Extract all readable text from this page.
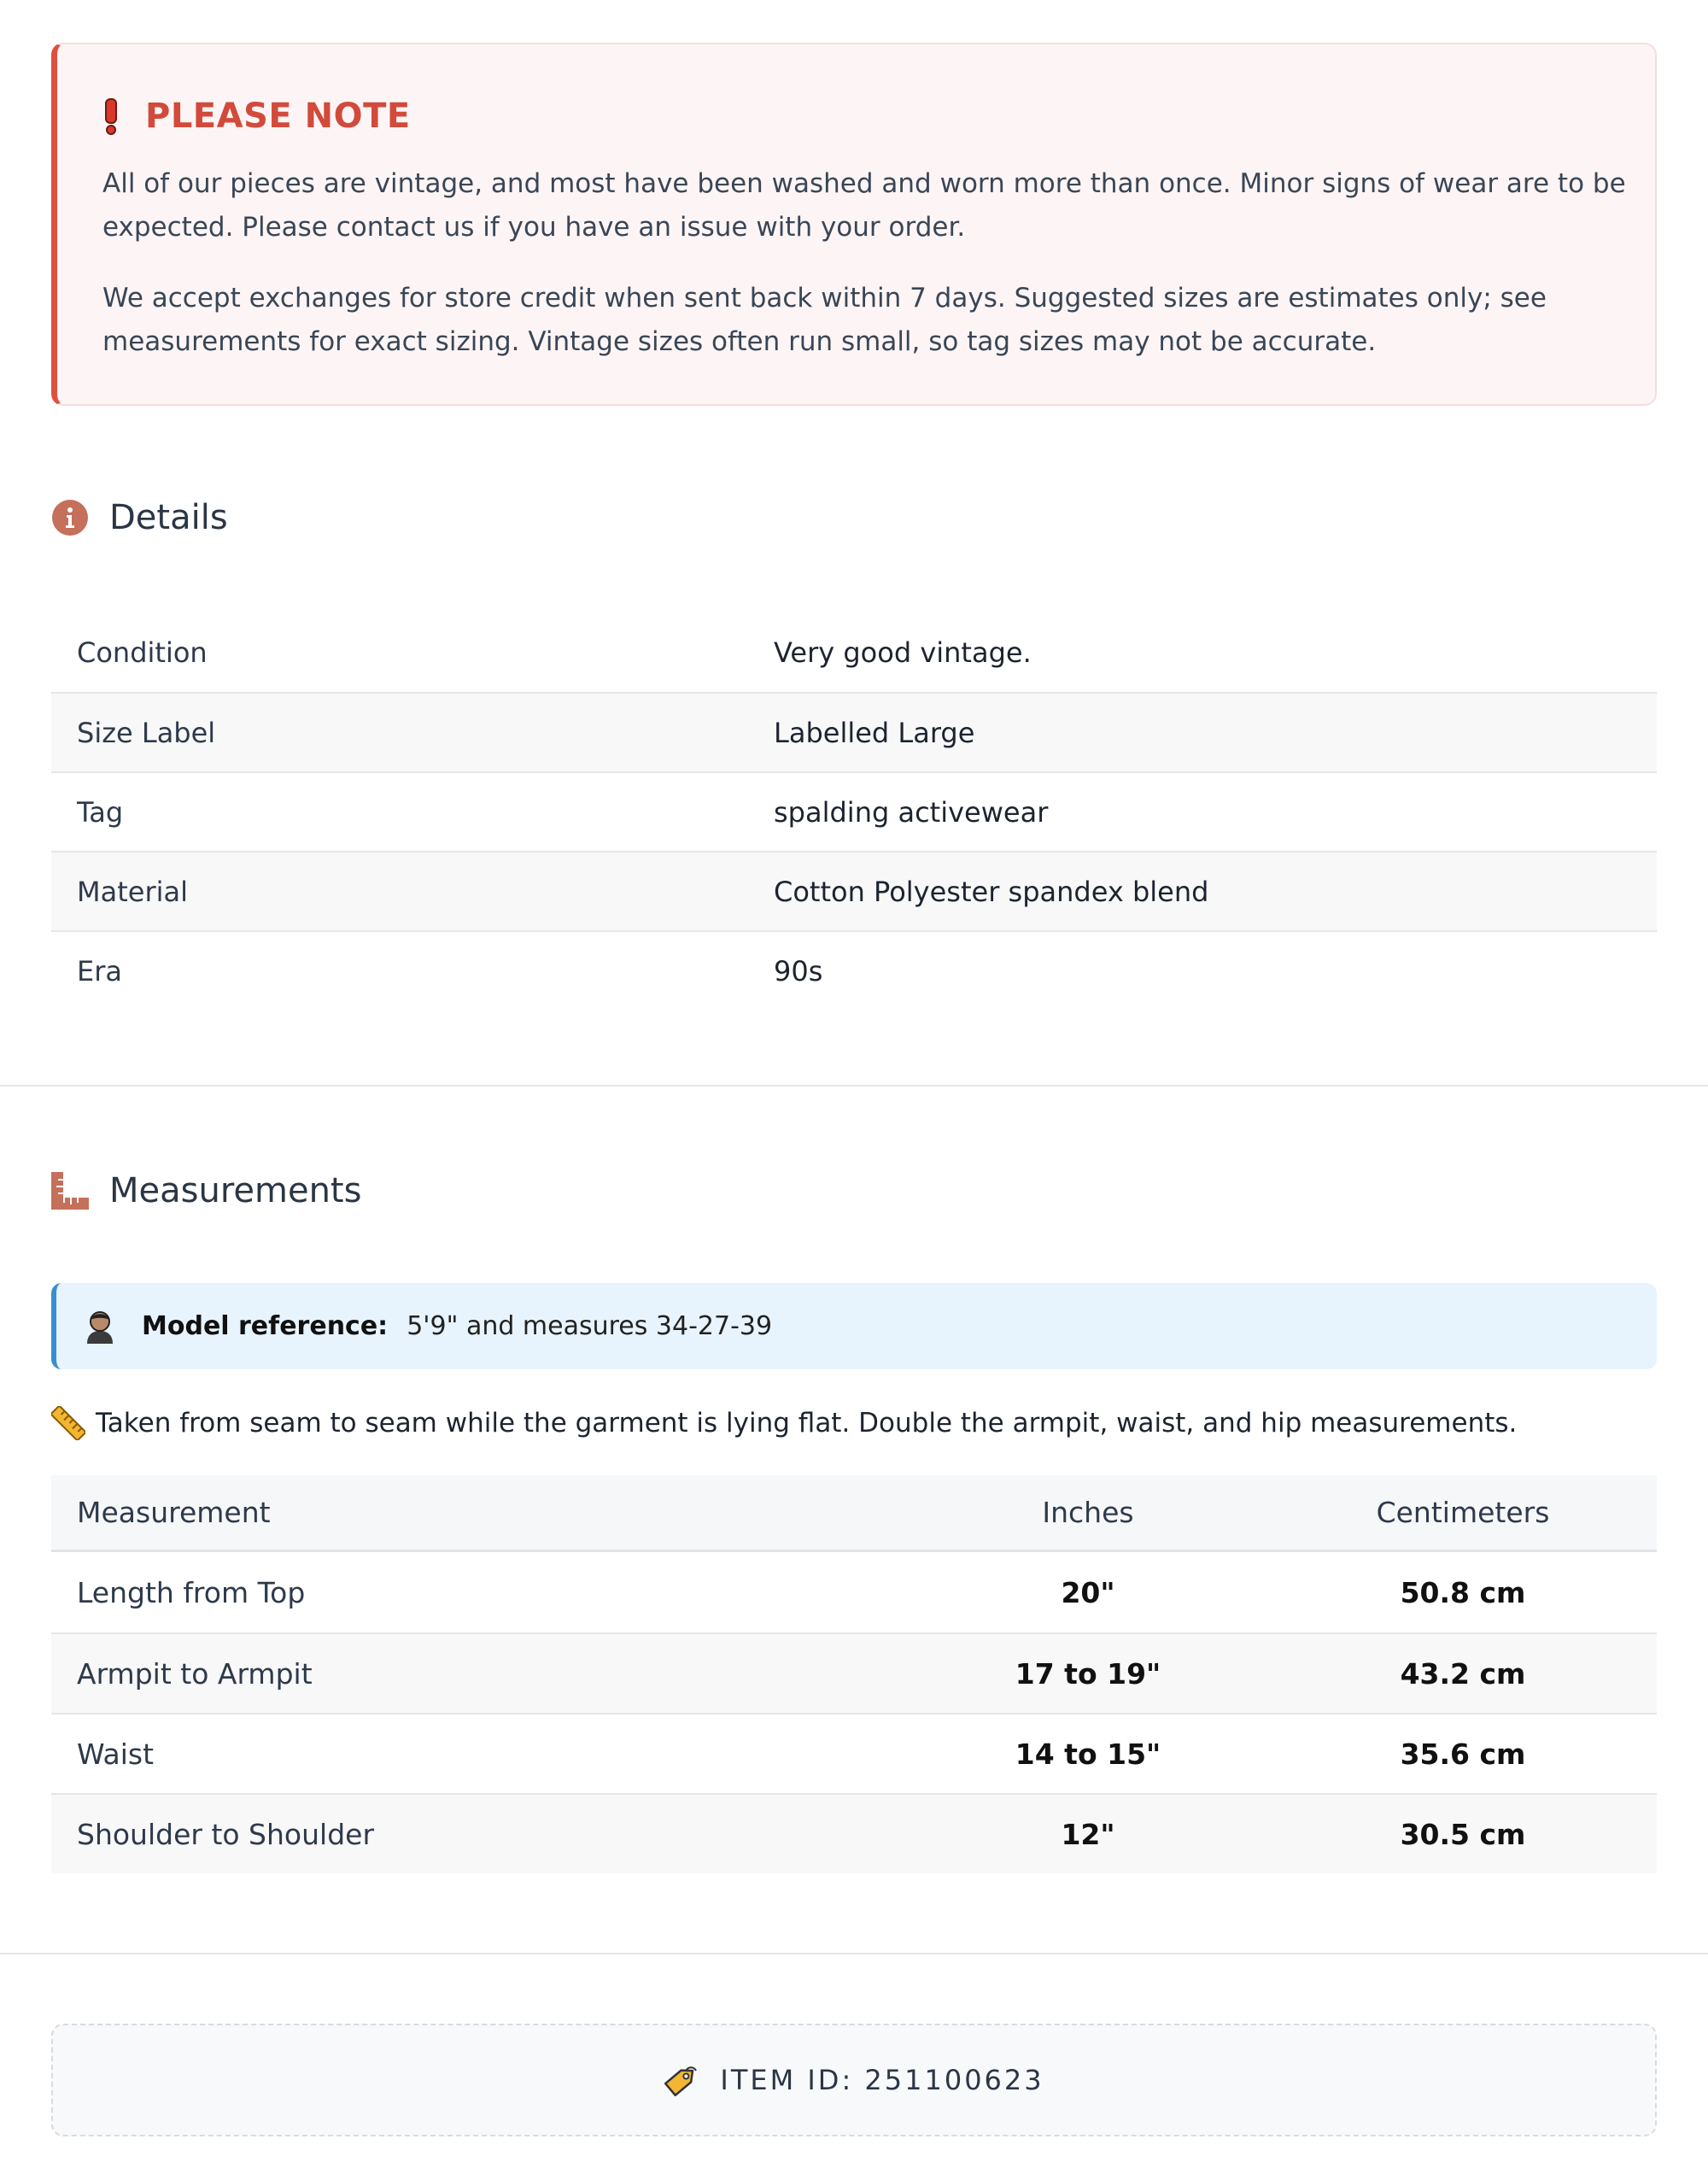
PLEASE NOTE

All of our pieces are vintage, and most have been washed and worn more than once. Minor signs of wear are to be expected. Please contact us if you have an issue with your order.

We accept exchanges for store credit when sent back within 7 days. Suggested sizes are estimates only; see measurements for exact sizing. Vintage sizes often run small, so tag sizes may not be accurate.

Details
Condition	Very good vintage.
Size Label	Labelled Large
Tag	spalding activewear
Material	Cotton Polyester spandex blend
Era	90s
Measurements
Model reference: 5'9" and measures 34-27-39
Taken from seam to seam while the garment is lying flat. Double the armpit, waist, and hip measurements.
Measurement	Inches	Centimeters
Length from Top	20"	50.8 cm
Armpit to Armpit	17 to 19"	43.2 cm
Waist	14 to 15"	35.6 cm
Shoulder to Shoulder	12"	30.5 cm
ITEM ID: 251100623
